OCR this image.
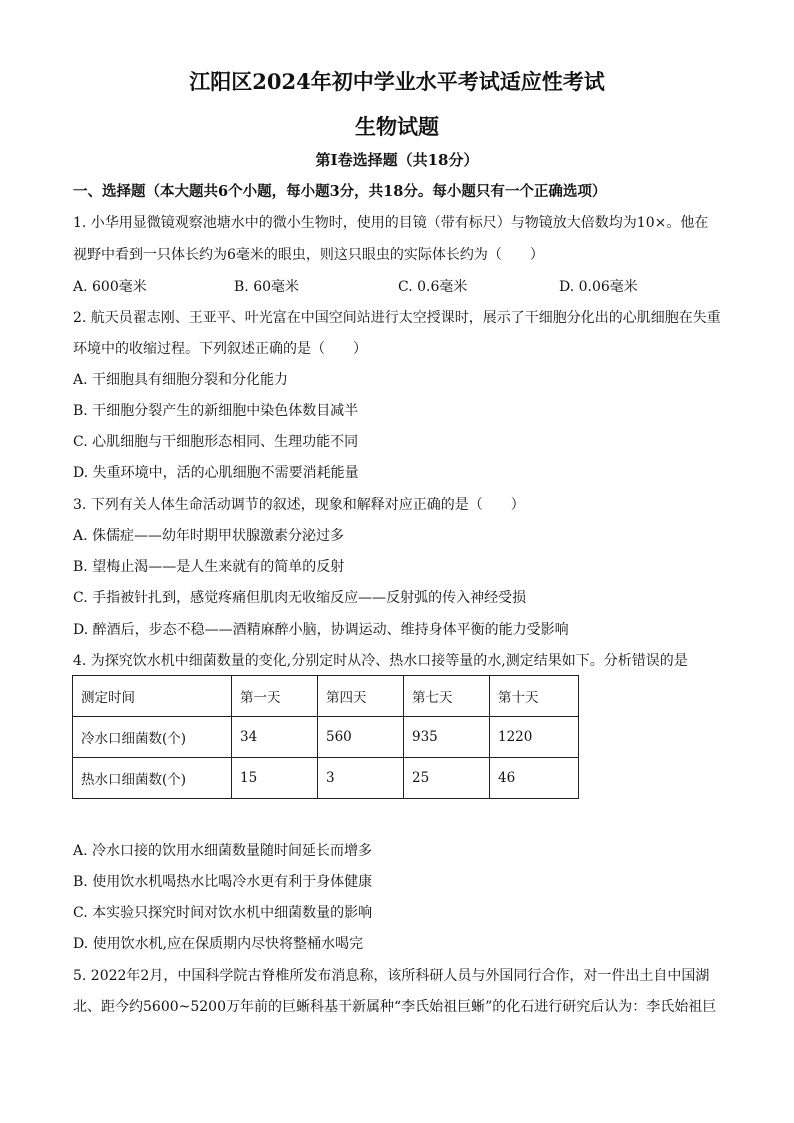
江阳区2024年初中学业水平考试适应性考试
生物试题
第Ⅰ卷选择题（共18分）
一、选择题（本大题共6个小题，每小题3分，共18分。每小题只有一个正确选项）
1. 小华用显微镜观察池塘水中的微小生物时，使用的目镜（带有标尺）与物镜放大倍数均为10×。他在
视野中看到一只体长约为6毫米的眼虫，则这只眼虫的实际体长约为（　　）
A. 600毫米	B. 60毫米	C. 0.6毫米	D. 0.06毫米
2. 航天员翟志刚、王亚平、叶光富在中国空间站进行太空授课时，展示了干细胞分化出的心肌细胞在失重
环境中的收缩过程。下列叙述正确的是（　　）
A. 干细胞具有细胞分裂和分化能力
B. 干细胞分裂产生的新细胞中染色体数目减半
C. 心肌细胞与干细胞形态相同、生理功能不同
D. 失重环境中，活的心肌细胞不需要消耗能量
3. 下列有关人体生命活动调节的叙述，现象和解释对应正确的是（　　）
A. 侏儒症——幼年时期甲状腺激素分泌过多
B. 望梅止渴——是人生来就有的简单的反射
C. 手指被针扎到，感觉疼痛但肌肉无收缩反应——反射弧的传入神经受损
D. 醉酒后，步态不稳——酒精麻醉小脑，协调运动、维持身体平衡的能力受影响
4. 为探究饮水机中细菌数量的变化,分别定时从冷、热水口接等量的水,测定结果如下。分析错误的是
测定时间	第一天	第四天	第七天	第十天
冷水口细菌数(个)	34	560	935	1220
热水口细菌数(个)	15	3	25	46
A. 冷水口接的饮用水细菌数量随时间延长而增多
B. 使用饮水机喝热水比喝冷水更有利于身体健康
C. 本实验只探究时间对饮水机中细菌数量的影响
D. 使用饮水机,应在保质期内尽快将整桶水喝完
5. 2022年2月，中国科学院古脊椎所发布消息称，该所科研人员与外国同行合作，对一件出土自中国湖
北、距今约5600~5200万年前的巨蜥科基干新属种“李氏始祖巨蜥”的化石进行研究后认为：李氏始祖巨
